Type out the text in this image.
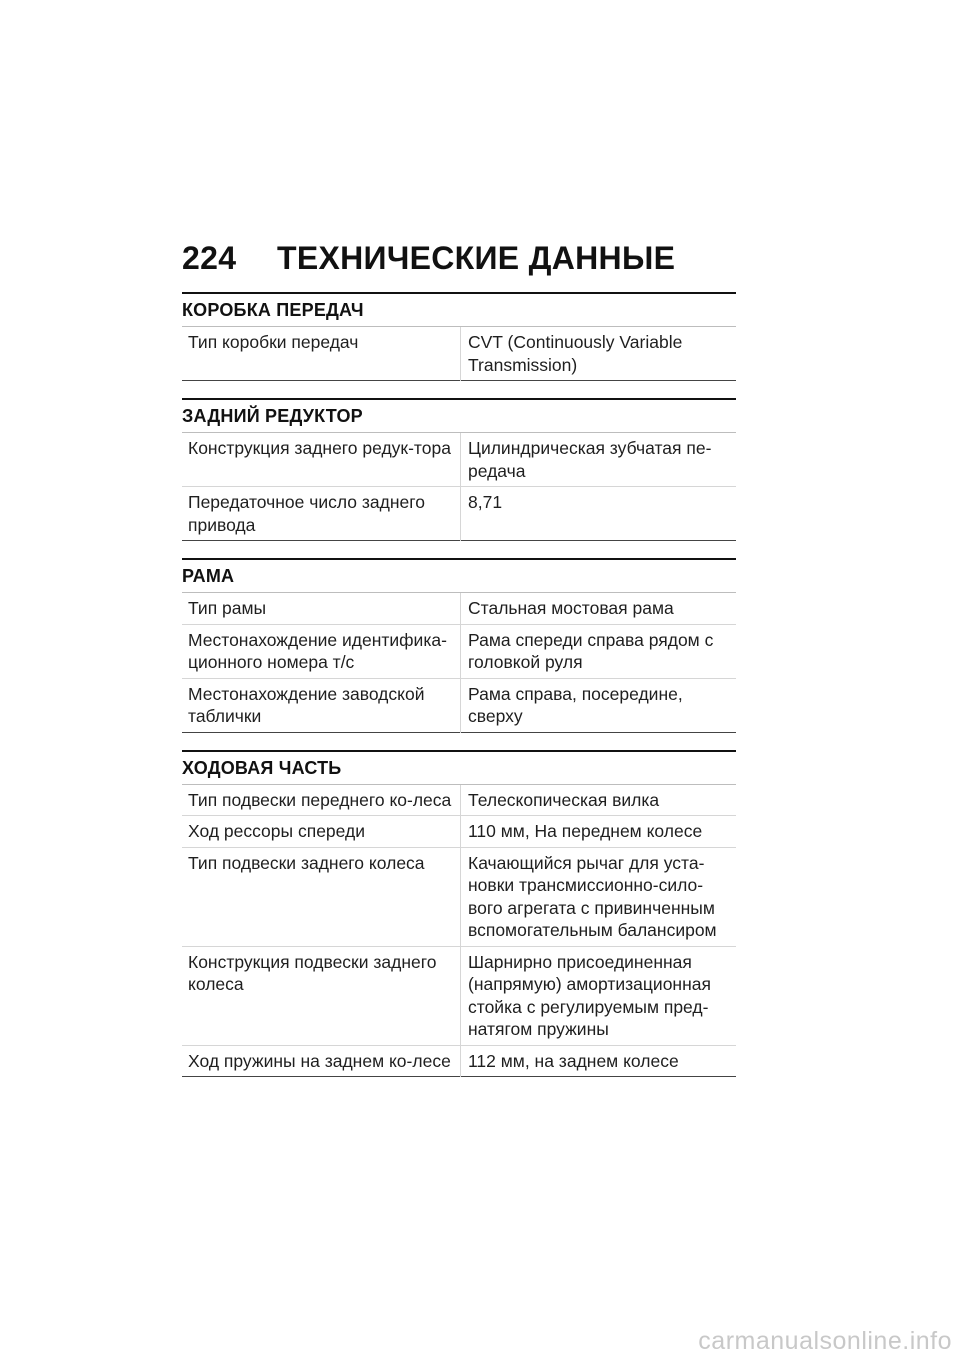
224	ТЕХНИЧЕСКИЕ ДАННЫЕ
КОРОБКА ПЕРЕДАЧ
Тип коробки передач	CVT (Continuously Variable Transmission)
ЗАДНИЙ РЕДУКТОР
Конструкция заднего редук-тора	Цилиндрическая зубчатая пе-редача
Передаточное число заднего привода	8,71
РАМА
Тип рамы	Стальная мостовая рама
Местонахождение идентифика-ционного номера т/с	Рама спереди справа рядом с головкой руля
Местонахождение заводской таблички	Рама справа, посередине, сверху
ХОДОВАЯ ЧАСТЬ
Тип подвески переднего ко-леса	Телескопическая вилка
Ход рессоры спереди	110 мм, На переднем колесе
Тип подвески заднего колеса	Качающийся рычаг для уста-новки трансмиссионно-сило-вого агрегата с привинченным вспомогательным балансиром
Конструкция подвески заднего колеса	Шарнирно присоединенная (напрямую) амортизационная стойка с регулируемым пред-натягом пружины
Ход пружины на заднем ко-лесе	112 мм, на заднем колесе
carmanualsonline.info
